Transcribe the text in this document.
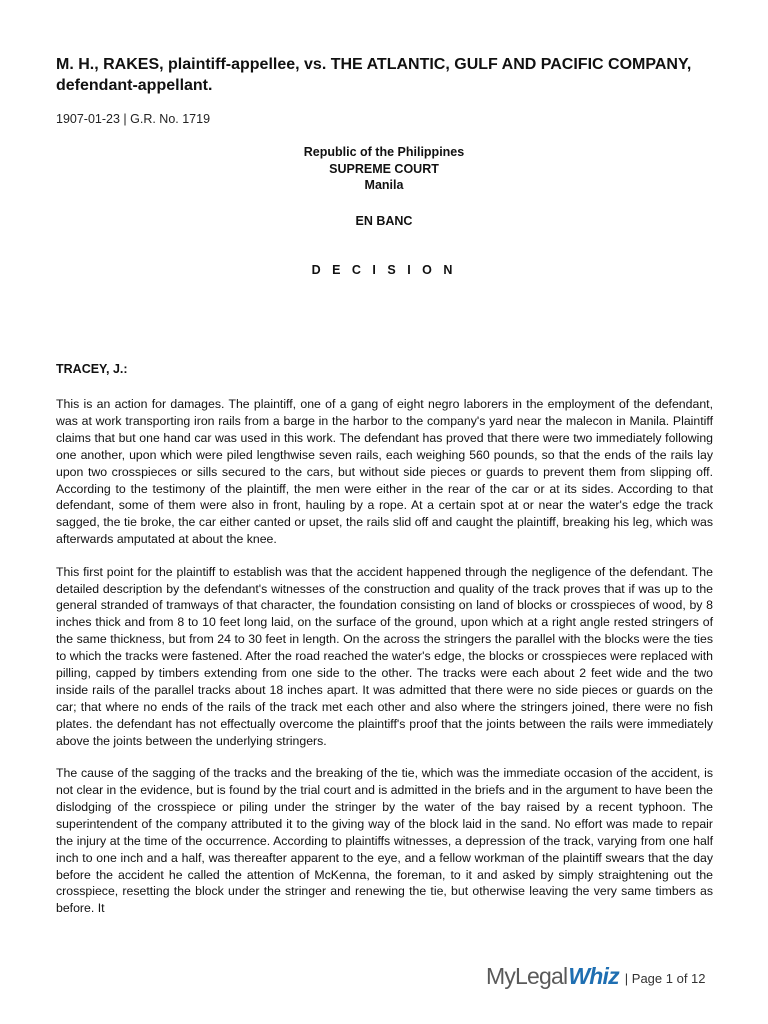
M. H., RAKES, plaintiff-appellee, vs. THE ATLANTIC, GULF AND PACIFIC COMPANY, defendant-appellant.

1907-01-23 | G.R. No. 1719

Republic of the Philippines
SUPREME COURT
Manila
EN BANC
D E C I S I O N

TRACEY, J.:

This is an action for damages. The plaintiff, one of a gang of eight negro laborers in the employment of the defendant, was at work transporting iron rails from a barge in the harbor to the company's yard near the malecon in Manila. Plaintiff claims that but one hand car was used in this work. The defendant has proved that there were two immediately following one another, upon which were piled lengthwise seven rails, each weighing 560 pounds, so that the ends of the rails lay upon two crosspieces or sills secured to the cars, but without side pieces or guards to prevent them from slipping off. According to the testimony of the plaintiff, the men were either in the rear of the car or at its sides. According to that defendant, some of them were also in front, hauling by a rope. At a certain spot at or near the water's edge the track sagged, the tie broke, the car either canted or upset, the rails slid off and caught the plaintiff, breaking his leg, which was afterwards amputated at about the knee.

This first point for the plaintiff to establish was that the accident happened through the negligence of the defendant. The detailed description by the defendant's witnesses of the construction and quality of the track proves that if was up to the general stranded of tramways of that character, the foundation consisting on land of blocks or crosspieces of wood, by 8 inches thick and from 8 to 10 feet long laid, on the surface of the ground, upon which at a right angle rested stringers of the same thickness, but from 24 to 30 feet in length. On the across the stringers the parallel with the blocks were the ties to which the tracks were fastened. After the road reached the water's edge, the blocks or crosspieces were replaced with pilling, capped by timbers extending from one side to the other. The tracks were each about 2 feet wide and the two inside rails of the parallel tracks about 18 inches apart. It was admitted that there were no side pieces or guards on the car; that where no ends of the rails of the track met each other and also where the stringers joined, there were no fish plates. the defendant has not effectually overcome the plaintiff's proof that the joints between the rails were immediately above the joints between the underlying stringers.

The cause of the sagging of the tracks and the breaking of the tie, which was the immediate occasion of the accident, is not clear in the evidence, but is found by the trial court and is admitted in the briefs and in the argument to have been the dislodging of the crosspiece or piling under the stringer by the water of the bay raised by a recent typhoon. The superintendent of the company attributed it to the giving way of the block laid in the sand. No effort was made to repair the injury at the time of the occurrence. According to plaintiffs witnesses, a depression of the track, varying from one half inch to one inch and a half, was thereafter apparent to the eye, and a fellow workman of the plaintiff swears that the day before the accident he called the attention of McKenna, the foreman, to it and asked by simply straightening out the crosspiece, resetting the block under the stringer and renewing the tie, but otherwise leaving the very same timbers as before. It

MyLegal Whiz | Page 1 of 12
